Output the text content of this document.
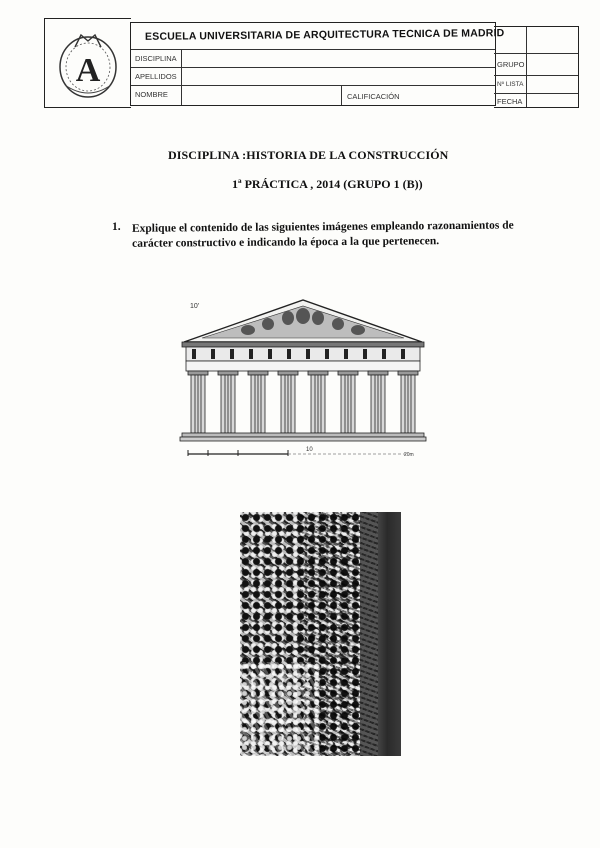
A
ESCUELA UNIVERSITARIA DE ARQUITECTURA TECNICA DE MADRID
DISCIPLINA
APELLIDOS
NOMBRE	CALIFICACIÓN
GRUPO
Nº LISTA
FECHA
DISCIPLINA :HISTORIA DE LA CONSTRUCCIÓN
1ª PRÁCTICA , 2014 (GRUPO 1 (B))
1. Explique el contenido de las siguientes imágenes empleando razonamientos de carácter constructivo e indicando la época a la que pertenecen.
10'
10
20m
